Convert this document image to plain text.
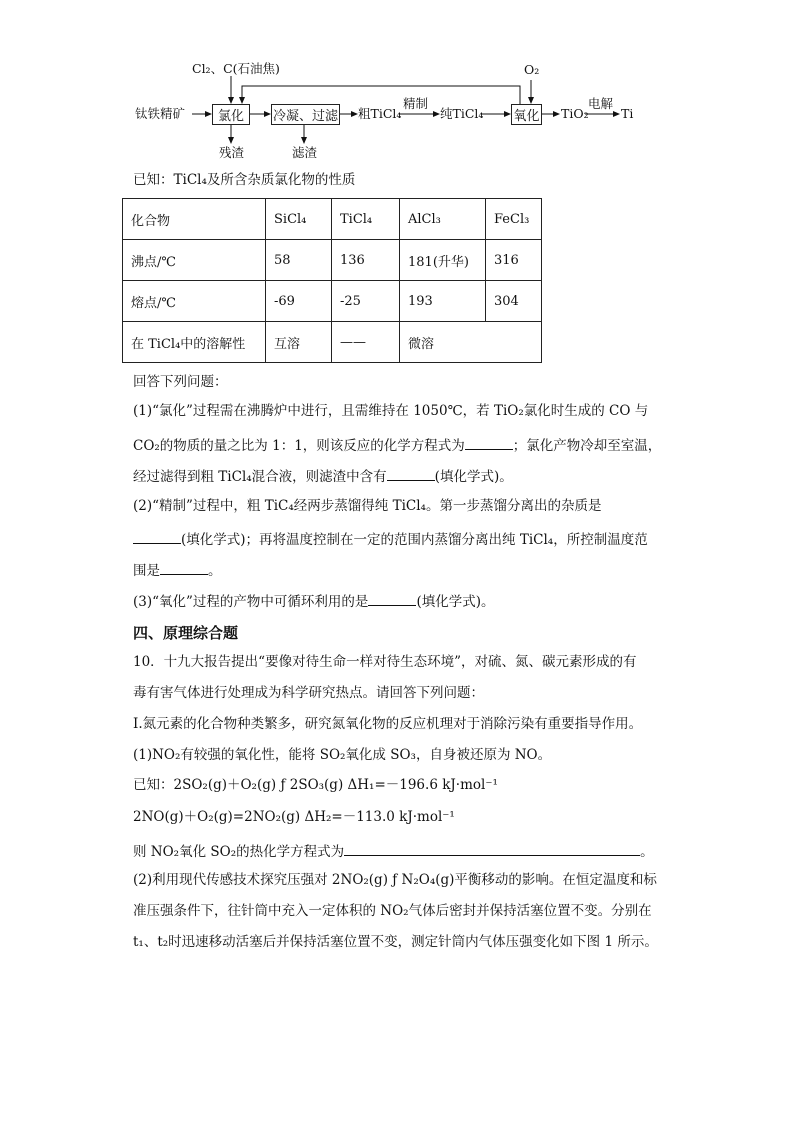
Cl₂、C(石油焦)	O₂
钛铁精矿	氯化	冷凝、过滤 粗TiCl₄
精制
纯TiCl₄ 氧化 TiO₂
电解
Ti
残渣	滤渣
已知：TiCl₄及所含杂质氯化物的性质
化合物	SiCl₄	TiCl₄	AlCl₃	FeCl₃
沸点/℃	58	136	181(升华)	316
熔点/℃	-69	-25	193	304
在 TiCl₄中的溶解性	互溶	——	微溶	
回答下列问题：
(1)“氯化”过程需在沸腾炉中进行，且需维持在 1050℃，若 TiO₂氯化时生成的 CO 与
CO₂的物质的量之比为 1：1，则该反应的化学方程式为	；氯化产物冷却至室温，
经过滤得到粗 TiCl₄混合液，则滤渣中含有	(填化学式)。
(2)“精制”过程中，粗 TiC₄经两步蒸馏得纯 TiCl₄。第一步蒸馏分离出的杂质是
(填化学式)；再将温度控制在一定的范围内蒸馏分离出纯 TiCl₄，所控制温度范
围是	。
(3)“氧化”过程的产物中可循环利用的是	(填化学式)。
四、原理综合题
10．十九大报告提出“要像对待生命一样对待生态环境”，对硫、氮、碳元素形成的有
毒有害气体进行处理成为科学研究热点。请回答下列问题：
Ⅰ.氮元素的化合物种类繁多，研究氮氧化物的反应机理对于消除污染有重要指导作用。
(1)NO₂有较强的氧化性，能将 SO₂氧化成 SO₃，自身被还原为 NO。
已知：2SO₂(g)＋O₂(g) ƒ 2SO₃(g) ΔH₁=－196.6 kJ·mol⁻¹
2NO(g)＋O₂(g)=2NO₂(g) ΔH₂=－113.0 kJ·mol⁻¹
则 NO₂氧化 SO₂的热化学方程式为	。
(2)利用现代传感技术探究压强对 2NO₂(g) ƒ N₂O₄(g)平衡移动的影响。在恒定温度和标
准压强条件下，往针筒中充入一定体积的 NO₂气体后密封并保持活塞位置不变。分别在
t₁、t₂时迅速移动活塞后并保持活塞位置不变，测定针筒内气体压强变化如下图 1 所示。
